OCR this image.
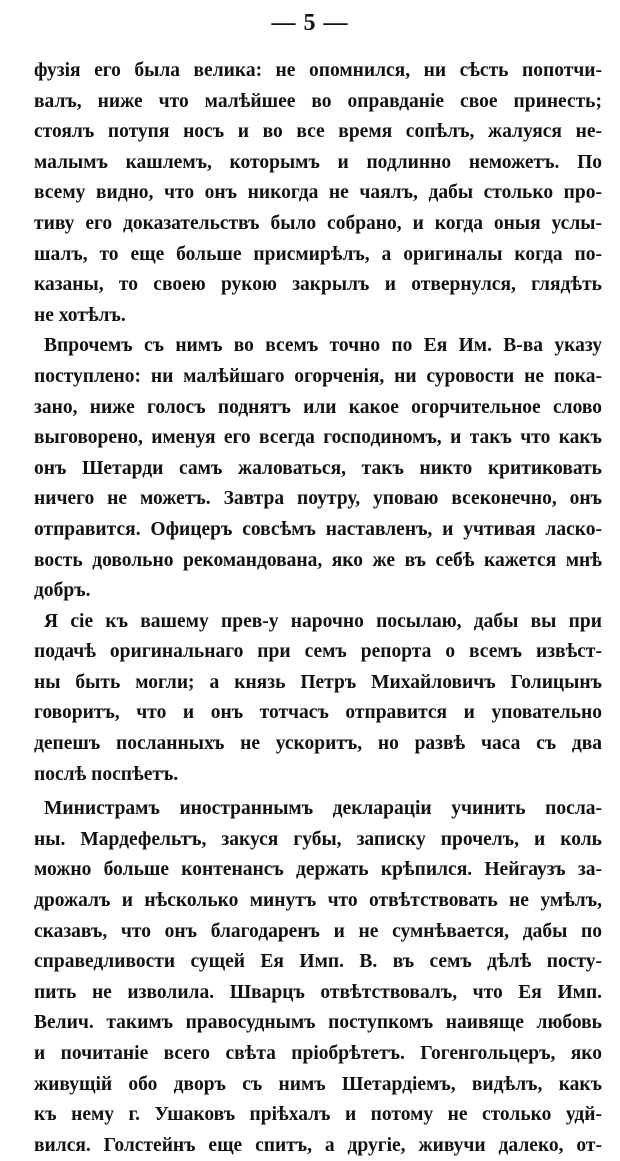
— 5 —
фузія его была велика: не опомнился, ни сѣсть попотчи-
валъ, ниже что малѣйшее во оправданіе свое принесть;
стоялъ потупя носъ и во все время сопѣлъ, жалуяся не-
малымъ кашлемъ, которымъ и подлинно неможетъ. По
всему видно, что онъ никогда не чаялъ, дабы столько про-
тиву его доказательствъ было собрано, и когда оныя услы-
шалъ, то еще больше присмирѣлъ, а оригиналы когда по-
казаны, то своею рукою закрылъ и отвернулся, глядѣть
не хотѣлъ.
Впрочемъ съ нимъ во всемъ точно по Ея Им. В-ва указу
поступлено: ни малѣйшаго огорченія, ни суровости не пока-
зано, ниже голосъ поднятъ или какое огорчительное слово
выговорено, именуя его всегда господиномъ, и такъ что какъ
онъ Шетарди самъ жаловаться, такъ никто критиковать
ничего не можетъ. Завтра поутру, уповаю всеконечно, онъ
отправится. Офицеръ совсѣмъ наставленъ, и учтивая ласко-
вость довольно рекомандована, яко же въ себѣ кажется мнѣ
добръ.
Я сіе къ вашему прев-у нарочно посылаю, дабы вы при
подачѣ оригинальнаго при семъ репорта о всемъ извѣст-
ны быть могли; а князь Петръ Михайловичъ Голицынъ
говоритъ, что и онъ тотчасъ отправится и уповательно
депешъ посланныхъ не ускоритъ, но развѣ часа съ два
послѣ поспѣетъ.
Министрамъ иностраннымъ декларацiи учинить посла-
ны. Мардефельтъ, закуся губы, записку прочелъ, и коль
можно больше контенансъ держать крѣпился. Нейгаузъ за-
дрожалъ и нѣсколько минутъ что отвѣтствовать не умѣлъ,
сказавъ, что онъ благодаренъ и не сумнѣвается, дабы по
справедливости сущей Ея Имп. В. въ семъ дѣлѣ посту-
пить не изволила. Шварцъ отвѣтствовалъ, что Ея Имп.
Велич. такимъ правосуднымъ поступкомъ наивяще любовь
и почитаніе всего свѣта пріобрѣтетъ. Гогенгольцеръ, яко
живущій обо дворъ съ нимъ Шетардіемъ, видѣлъ, какъ
къ нему г. Ушаковъ пріѣхалъ и потому не столько удй-
вился. Голстейнъ еще спитъ, а другіе, живучи далеко, от-
